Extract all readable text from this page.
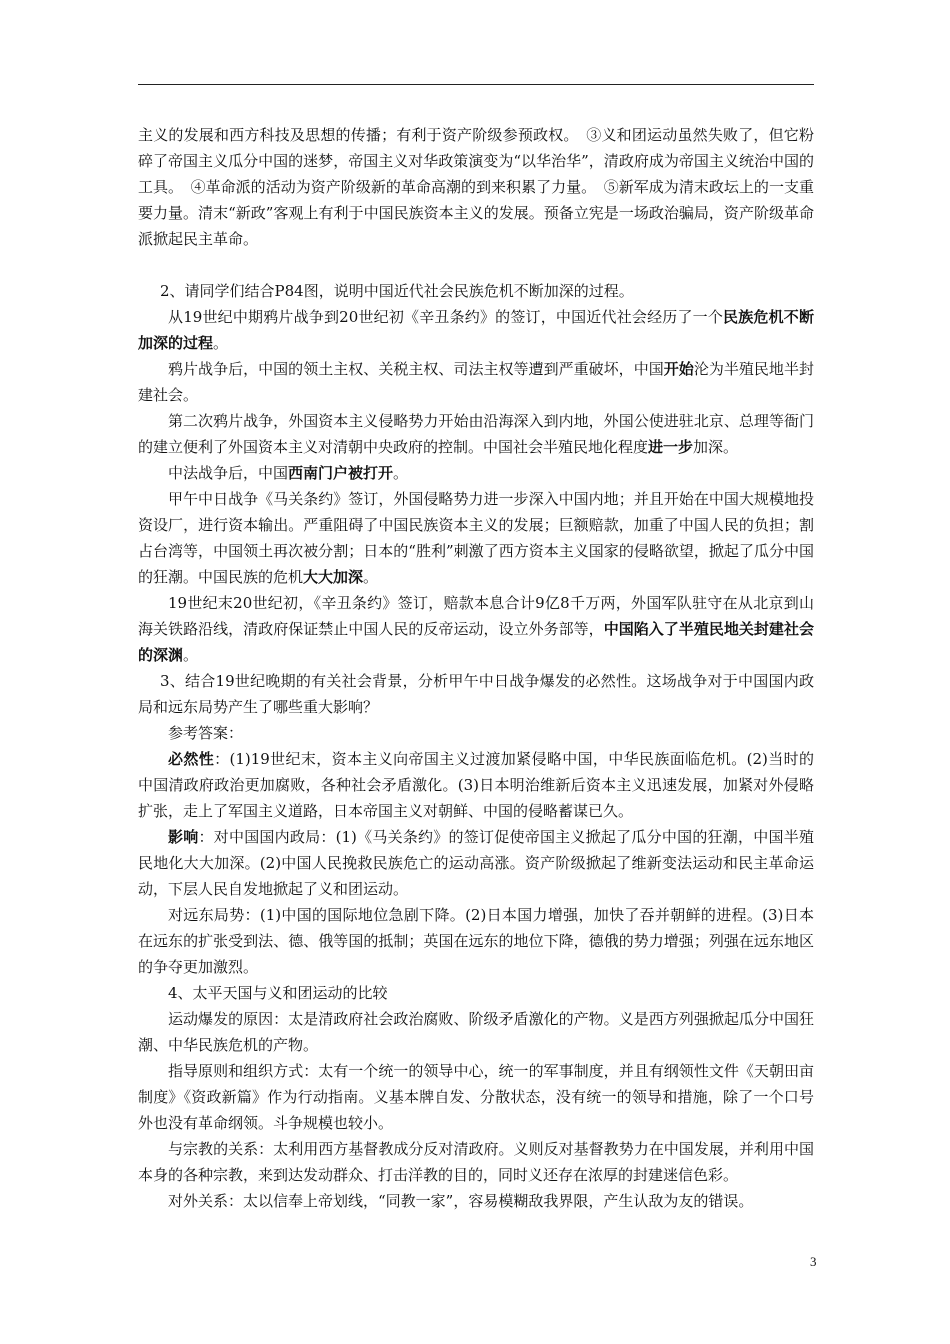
主义的发展和西方科技及思想的传播；有利于资产阶级参预政权。　③义和团运动虽然失败了，但它粉碎了帝国主义瓜分中国的迷梦，帝国主义对华政策演变为“以华治华”，清政府成为帝国主义统治中国的工具。　④革命派的活动为资产阶级新的革命高潮的到来积累了力量。　⑤新军成为清末政坛上的一支重要力量。清末“新政”客观上有利于中国民族资本主义的发展。预备立宪是一场政治骗局，资产阶级革命派掀起民主革命。

2、请同学们结合P84图，说明中国近代社会民族危机不断加深的过程。

从19世纪中期鸦片战争到20世纪初《辛丑条约》的签订，中国近代社会经历了一个民族危机不断加深的过程。

鸦片战争后，中国的领土主权、关税主权、司法主权等遭到严重破坏，中国开始沦为半殖民地半封建社会。

第二次鸦片战争，外国资本主义侵略势力开始由沿海深入到内地，外国公使进驻北京、总理等衙门的建立便利了外国资本主义对清朝中央政府的控制。中国社会半殖民地化程度进一步加深。

中法战争后，中国西南门户被打开。

甲午中日战争《马关条约》签订，外国侵略势力进一步深入中国内地；并且开始在中国大规模地投资设厂，进行资本输出。严重阻碍了中国民族资本主义的发展；巨额赔款，加重了中国人民的负担；割占台湾等，中国领土再次被分割；日本的“胜利”刺激了西方资本主义国家的侵略欲望，掀起了瓜分中国的狂潮。中国民族的危机大大加深。

19世纪末20世纪初，《辛丑条约》签订，赔款本息合计9亿8千万两，外国军队驻守在从北京到山海关铁路沿线，清政府保证禁止中国人民的反帝运动，设立外务部等，中国陷入了半殖民地关封建社会的深渊。

3、结合19世纪晚期的有关社会背景，分析甲午中日战争爆发的必然性。这场战争对于中国国内政局和远东局势产生了哪些重大影响？

参考答案：

必然性：(1)19世纪末，资本主义向帝国主义过渡加紧侵略中国，中华民族面临危机。(2)当时的中国清政府政治更加腐败，各种社会矛盾激化。(3)日本明治维新后资本主义迅速发展，加紧对外侵略扩张，走上了军国主义道路，日本帝国主义对朝鲜、中国的侵略蓄谋已久。

影响：对中国国内政局：(1)《马关条约》的签订促使帝国主义掀起了瓜分中国的狂潮，中国半殖民地化大大加深。(2)中国人民挽救民族危亡的运动高涨。资产阶级掀起了维新变法运动和民主革命运动，下层人民自发地掀起了义和团运动。

对远东局势：(1)中国的国际地位急剧下降。(2)日本国力增强，加快了吞并朝鲜的进程。(3)日本在远东的扩张受到法、德、俄等国的抵制；英国在远东的地位下降，德俄的势力增强；列强在远东地区的争夺更加激烈。

4、太平天国与义和团运动的比较

运动爆发的原因：太是清政府社会政治腐败、阶级矛盾激化的产物。义是西方列强掀起瓜分中国狂潮、中华民族危机的产物。

指导原则和组织方式：太有一个统一的领导中心，统一的军事制度，并且有纲领性文件《天朝田亩制度》《资政新篇》作为行动指南。义基本牌自发、分散状态，没有统一的领导和措施，除了一个口号外也没有革命纲领。斗争规模也较小。

与宗教的关系：太利用西方基督教成分反对清政府。义则反对基督教势力在中国发展，并利用中国本身的各种宗教，来到达发动群众、打击洋教的目的，同时义还存在浓厚的封建迷信色彩。

对外关系：太以信奉上帝划线，“同教一家”，容易模糊敌我界限，产生认敌为友的错误。

3
